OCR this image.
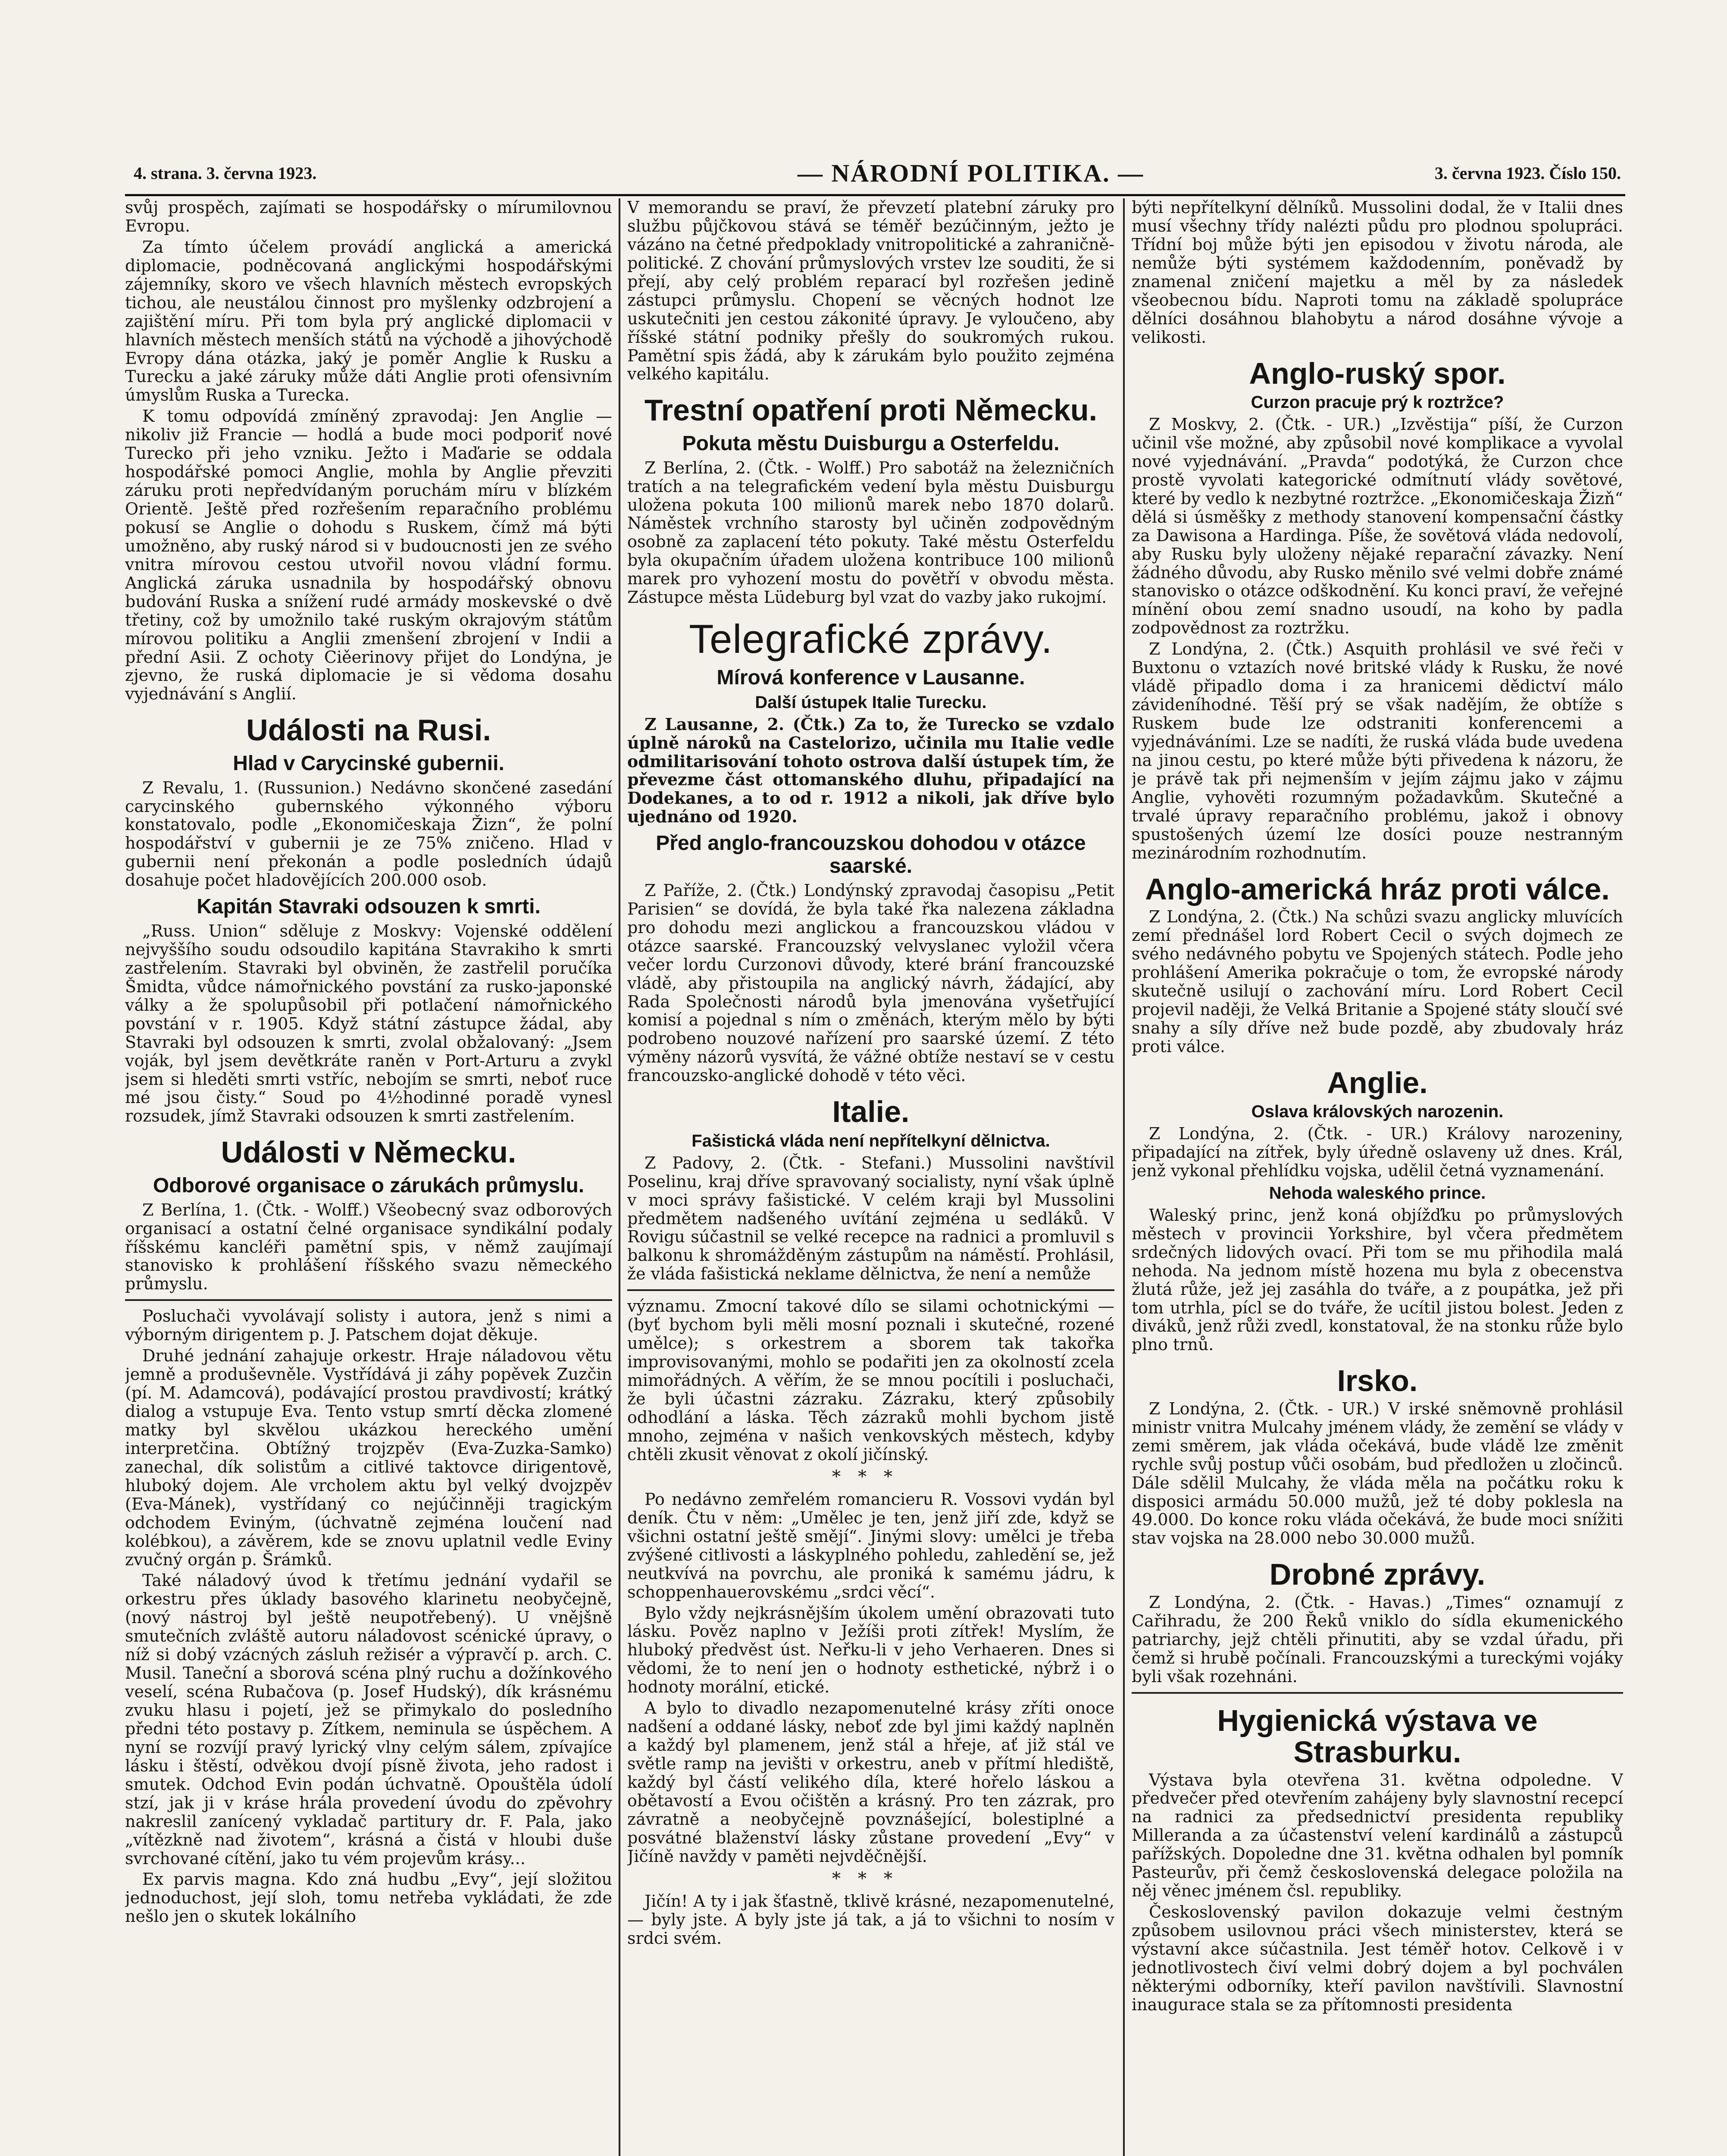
4. strana. 3. června 1923.	— NÁRODNÍ POLITIKA. —	3. června 1923. Číslo 150.

svůj prospěch, zajímati se hospodářsky o mírumilovnou Evropu.

Za tímto účelem provádí anglická a americká diplomacie, podněcovaná anglickými hospodářskými zájemníky, skoro ve všech hlavních městech evropských tichou, ale neustálou činnost pro myšlenky odzbrojení a zajištění míru. Při tom byla prý anglické diplomacii v hlavních městech menších států na východě a jihovýchodě Evropy dána otázka, jaký je poměr Anglie k Rusku a Turecku a jaké záruky může dáti Anglie proti ofensivním úmyslům Ruska a Turecka.

K tomu odpovídá zmíněný zpravodaj: Jen Anglie — nikoliv již Francie — hodlá a bude moci podporiť nové Turecko při jeho vzniku. Ježto i Maďarie se oddala hospodářské pomoci Anglie, mohla by Anglie převziti záruku proti nepředvídaným poruchám míru v blízkém Orientě. Ještě před rozřešením reparačního problému pokusí se Anglie o dohodu s Ruskem, čímž má býti umožněno, aby ruský národ si v budoucnosti jen ze svého vnitra mírovou cestou utvořil novou vládní formu. Anglická záruka usnadnila by hospodářský obnovu budování Ruska a snížení rudé armády moskevské o dvě třetiny, což by umožnilo také ruským okrajovým státům mírovou politiku a Anglii zmenšení zbrojení v Indii a přední Asii. Z ochoty Ciěerinovy přijet do Londýna, je zjevno, že ruská diplomacie je si vědoma dosahu vyjednávání s Anglií.

Události na Rusi.
Hlad v Carycinské gubernii.

Z Revalu, 1. (Russunion.) Nedávno skončené zasedání carycinského gubernského výkonného výboru konstatovalo, podle „Ekonomičeskaja Žizn“, že polní hospodářství v gubernii je ze 75% zničeno. Hlad v gubernii není překonán a podle posledních údajů dosahuje počet hladovějících 200.000 osob.

Kapitán Stavraki odsouzen k smrti.

„Russ. Union“ sděluje z Moskvy: Vojenské oddělení nejvyššího soudu odsoudilo kapitána Stavrakiho k smrti zastřelením. Stavraki byl obviněn, že zastřelil poručíka Šmidta, vůdce námořnického povstání za rusko-japonské války a že spolupůsobil při potlačení námořnického povstání v r. 1905. Když státní zástupce žádal, aby Stavraki byl odsouzen k smrti, zvolal obžalovaný: „Jsem voják, byl jsem devětkráte raněn v Port-Arturu a zvykl jsem si hleděti smrti vstříc, nebojím se smrti, neboť ruce mé jsou čisty.“ Soud po 4½hodinné poradě vynesl rozsudek, jímž Stavraki odsouzen k smrti zastřelením.

Události v Německu.
Odborové organisace o zárukách průmyslu.

Z Berlína, 1. (Čtk. - Wolff.) Všeobecný svaz odborových organisací a ostatní čelné organisace syndikální podaly říšskému kancléři pamětní spis, v němž zaujímají stanovisko k prohlášení říšského svazu německého průmyslu.

Posluchači vyvolávají solisty i autora, jenž s nimi a výborným dirigentem p. J. Patschem dojat děkuje.

Druhé jednání zahajuje orkestr. Hraje náladovou větu jemně a produševněle. Vystřídává ji záhy popěvek Zuzčin (pí. M. Adamcová), podávající prostou pravdivostí; krátký dialog a vstupuje Eva. Tento vstup smrtí děcka zlomené matky byl skvělou ukázkou hereckého umění interpretčina. Obtížný trojzpěv (Eva-Zuzka-Samko) zanechal, dík solistům a citlivé taktovce dirigentově, hluboký dojem. Ale vrcholem aktu byl velký dvojzpěv (Eva-Mánek), vystřídaný co nejúčinněji tragickým odchodem Eviným, (úchvatně zejména loučení nad kolébkou), a závěrem, kde se znovu uplatnil vedle Eviny zvučný orgán p. Šrámků.

Také náladový úvod k třetímu jednání vydařil se orkestru přes úklady basového klarinetu neobyčejně, (nový nástroj byl ještě neupotřebený). U vnějšně smutečních zvláště autoru náladovost scénické úpravy, o níž si dobý vzácných zásluh režisér a výpravčí p. arch. C. Musil. Taneční a sborová scéna plný ruchu a dožínkového veselí, scéna Rubačova (p. Josef Hudský), dík krásnému zvuku hlasu i pojetí, jež se přimykalo do posledního předni této postavy p. Zítkem, neminula se úspěchem. A nyní se rozvíjí pravý lyrický vlny celým sálem, zpívajíce lásku i štěstí, odvěkou dvojí písně života, jeho radost i smutek. Odchod Evin podán úchvatně. Opouštěla údolí stzí, jak ji v kráse hrála provedení úvodu do zpěvohry nakreslil zanícený vykladač partitury dr. F. Pala, jako „vítězkně nad životem“, krásná a čistá v hloubi duše svrchované cítění, jako tu vém projevům krásy...

Ex parvis magna. Kdo zná hudbu „Evy“, její složitou jednoduchost, její sloh, tomu netřeba vykládati, že zde nešlo jen o skutek lokálního

V memorandu se praví, že převzetí platební záruky pro službu půjčkovou stává se téměř bezúčinným, ježto je vázáno na četné předpoklady vnitropolitické a zahraničně-politické. Z chování průmyslových vrstev lze souditi, že si přejí, aby celý problém reparací byl rozřešen jedině zástupci průmyslu. Chopení se věcných hodnot lze uskutečniti jen cestou zákonité úpravy. Je vyloučeno, aby říšské státní podniky přešly do soukromých rukou. Pamětní spis žádá, aby k zárukám bylo použito zejména velkého kapitálu.

Trestní opatření proti Německu.
Pokuta městu Duisburgu a Osterfeldu.

Z Berlína, 2. (Čtk. - Wolff.) Pro sabotáž na železničních tratích a na telegrafickém vedení byla městu Duisburgu uložena pokuta 100 milionů marek nebo 1870 dolarů. Náměstek vrchního starosty byl učiněn zodpovědným osobně za zaplacení této pokuty. Také městu Osterfeldu byla okupačním úřadem uložena kontribuce 100 milionů marek pro vyhození mostu do povětří v obvodu města. Zástupce města Lüdeburg byl vzat do vazby jako rukojmí.

Telegrafické zprávy.
Mírová konference v Lausanne.
Další ústupek Italie Turecku.

Z Lausanne, 2. (Čtk.) Za to, že Turecko se vzdalo úplně nároků na Castelorizo, učinila mu Italie vedle odmilitarisování tohoto ostrova další ústupek tím, že převezme část ottomanského dluhu, připadající na Dodekanes, a to od r. 1912 a nikoli, jak dříve bylo ujednáno od 1920.

Před anglo-francouzskou dohodou v otázce saarské.

Z Paříže, 2. (Čtk.) Londýnský zpravodaj časopisu „Petit Parisien“ se dovídá, že byla také řka nalezena základna pro dohodu mezi anglickou a francouzskou vládou v otázce saarské. Francouzský velvyslanec vyložil včera večer lordu Curzonovi důvody, které brání francouzské vládě, aby přistoupila na anglický návrh, žádající, aby Rada Společnosti národů byla jmenována vyšetřující komisí a pojednal s ním o změnách, kterým mělo by býti podrobeno nouzové nařízení pro saarské území. Z této výměny názorů vysvítá, že vážné obtíže nestaví se v cestu francouzsko-anglické dohodě v této věci.

Italie.
Fašistická vláda není nepřítelkyní dělnictva.

Z Padovy, 2. (Čtk. - Stefani.) Mussolini navštívil Poselinu, kraj dříve spravovaný socialisty, nyní však úplně v moci správy fašistické. V celém kraji byl Mussolini předmětem nadšeného uvítání zejména u sedláků. V Rovigu súčastnil se velké recepce na radnici a promluvil s balkonu k shromážděným zástupům na náměstí. Prohlásil, že vláda fašistická neklame dělnictva, že není a nemůže

významu. Zmocní takové dílo se silami ochotnickými — (byť bychom byli měli mosní poznali i skutečné, rozené umělce); s orkestrem a sborem tak takořka improvisovanými, mohlo se podařiti jen za okolností zcela mimořádných. A věřím, že se mnou pocítili i posluchači, že byli účastni zázraku. Zázraku, který způsobily odhodlání a láska. Těch zázraků mohli bychom jistě mnoho, zejména v našich venkovských městech, kdyby chtěli zkusit věnovat z okolí jičínský.

***

Po nedávno zemřelém romancieru R. Vossovi vydán byl deník. Čtu v něm: „Umělec je ten, jenž jiří zde, když se všichni ostatní ještě smějí“. Jinými slovy: umělci je třeba zvýšené citlivosti a láskyplného pohledu, zahledění se, jež neutkvívá na povrchu, ale proniká k samému jádru, k schoppenhauerovskému „srdci věcí“.

Bylo vždy nejkrásnějším úkolem umění obrazovati tuto lásku. Pověz naplno v Ježíši proti zítřek! Myslím, že hluboký předvěst úst. Neřku-li v jeho Verhaeren. Dnes si vědomi, že to není jen o hodnoty esthetické, nýbrž i o hodnoty morální, etické.

A bylo to divadlo nezapomenutelné krásy zříti onoce nadšení a oddané lásky, neboť zde byl jimi každý naplněn a každý byl plamenem, jenž stál a hřeje, ať již stál ve světle ramp na jevišti v orkestru, aneb v přítmí hlediště, každý byl částí velikého díla, které hořelo láskou a obětavostí a Evou očištěn a krásný. Pro ten zázrak, pro závratně a neobyčejně povznášející, bolestiplné a posvátné blaženství lásky zůstane provedení „Evy“ v Jičíně navždy v paměti nejvděčnější.

***

Jičín! A ty i jak šťastně, tklivě krásné, nezapomenutelné, — byly jste. A byly jste já tak, a já to všichni to nosím v srdci svém.

býti nepřítelkyní dělníků. Mussolini dodal, že v Italii dnes musí všechny třídy nalézti půdu pro plodnou spolupráci. Třídní boj může býti jen episodou v životu národa, ale nemůže býti systémem každodenním, poněvadž by znamenal zničení majetku a měl by za následek všeobecnou bídu. Naproti tomu na základě spolupráce dělníci dosáhnou blahobytu a národ dosáhne vývoje a velikosti.

Anglo-ruský spor.
Curzon pracuje prý k roztržce?

Z Moskvy, 2. (Čtk. - UR.) „Izvěstija“ píší, že Curzon učinil vše možné, aby způsobil nové komplikace a vyvolal nové vyjednávání. „Pravda“ podotýká, že Curzon chce prostě vyvolati kategorické odmítnutí vlády sovětové, které by vedlo k nezbytné roztržce. „Ekonomičeskaja Žizň“ dělá si úsměšky z methody stanovení kompensační částky za Dawisona a Hardinga. Píše, že sovětová vláda nedovolí, aby Rusku byly uloženy nějaké reparační závazky. Není žádného důvodu, aby Rusko měnilo své velmi dobře známé stanovisko o otázce odškodnění. Ku konci praví, že veřejné mínění obou zemí snadno usoudí, na koho by padla zodpovědnost za roztržku.

Z Londýna, 2. (Čtk.) Asquith prohlásil ve své řeči v Buxtonu o vztazích nové britské vlády k Rusku, že nové vládě připadlo doma i za hranicemi dědictví málo závideníhodné. Těší prý se však nadějím, že obtíže s Ruskem bude lze odstraniti konferencemi a vyjednáváními. Lze se nadíti, že ruská vláda bude uvedena na jinou cestu, po které může býti přivedena k názoru, že je právě tak při nejmenším v jejím zájmu jako v zájmu Anglie, vyhověti rozumným požadavkům. Skutečné a trvalé úpravy reparačního problému, jakož i obnovy spustošených území lze dosíci pouze nestranným mezinárodním rozhodnutím.

Anglo-americká hráz proti válce.

Z Londýna, 2. (Čtk.) Na schůzi svazu anglicky mluvících zemí přednášel lord Robert Cecil o svých dojmech ze svého nedávného pobytu ve Spojených státech. Podle jeho prohlášení Amerika pokračuje o tom, že evropské národy skutečně usilují o zachování míru. Lord Robert Cecil projevil naději, že Velká Britanie a Spojené státy sloučí své snahy a síly dříve než bude pozdě, aby zbudovaly hráz proti válce.

Anglie.
Oslava královských narozenin.

Z Londýna, 2. (Čtk. - UR.) Královy narozeniny, připadající na zítřek, byly úředně oslaveny už dnes. Král, jenž vykonal přehlídku vojska, udělil četná vyznamenání.

Nehoda waleského prince.

Waleský princ, jenž koná objížďku po průmyslových městech v provincii Yorkshire, byl včera předmětem srdečných lidových ovací. Při tom se mu přihodila malá nehoda. Na jednom místě hozena mu byla z obecenstva žlutá růže, jež jej zasáhla do tváře, a z poupátka, jež při tom utrhla, pícl se do tváře, že ucítil jistou bolest. Jeden z diváků, jenž růži zvedl, konstatoval, že na stonku růže bylo plno trnů.

Irsko.

Z Londýna, 2. (Čtk. - UR.) V irské sněmovně prohlásil ministr vnitra Mulcahy jménem vlády, že zemění se vlády v zemi směrem, jak vláda očekává, bude vládě lze změnit rychle svůj postup vůči osobám, bud předložen u zločinců. Dále sdělil Mulcahy, že vláda měla na počátku roku k disposici armádu 50.000 mužů, jež té doby poklesla na 49.000. Do konce roku vláda očekává, že bude moci snížiti stav vojska na 28.000 nebo 30.000 mužů.

Drobné zprávy.

Z Londýna, 2. (Čtk. - Havas.) „Times“ oznamují z Cařihradu, že 200 Řeků vniklo do sídla ekumenického patriarchy, jejž chtěli přinutiti, aby se vzdal úřadu, při čemž si hrubě počínali. Francouzskými a tureckými vojáky byli však rozehnáni.

Hygienická výstava ve Strasburku.

Výstava byla otevřena 31. května odpoledne. V předvečer před otevřením zahájeny byly slavnostní recepcí na radnici za předsednictví presidenta republiky Milleranda a za účastenství velení kardinálů a zástupců pařížských. Dopoledne dne 31. května odhalen byl pomník Pasteurův, při čemž československá delegace položila na něj věnec jménem čsl. republiky.

Československý pavilon dokazuje velmi čestným způsobem usilovnou práci všech ministerstev, která se výstavní akce súčastnila. Jest téměř hotov. Celkově i v jednotlivostech čiví velmi dobrý dojem a byl pochválen některými odborníky, kteří pavilon navštívili. Slavnostní inaugurace stala se za přítomnosti presidenta
